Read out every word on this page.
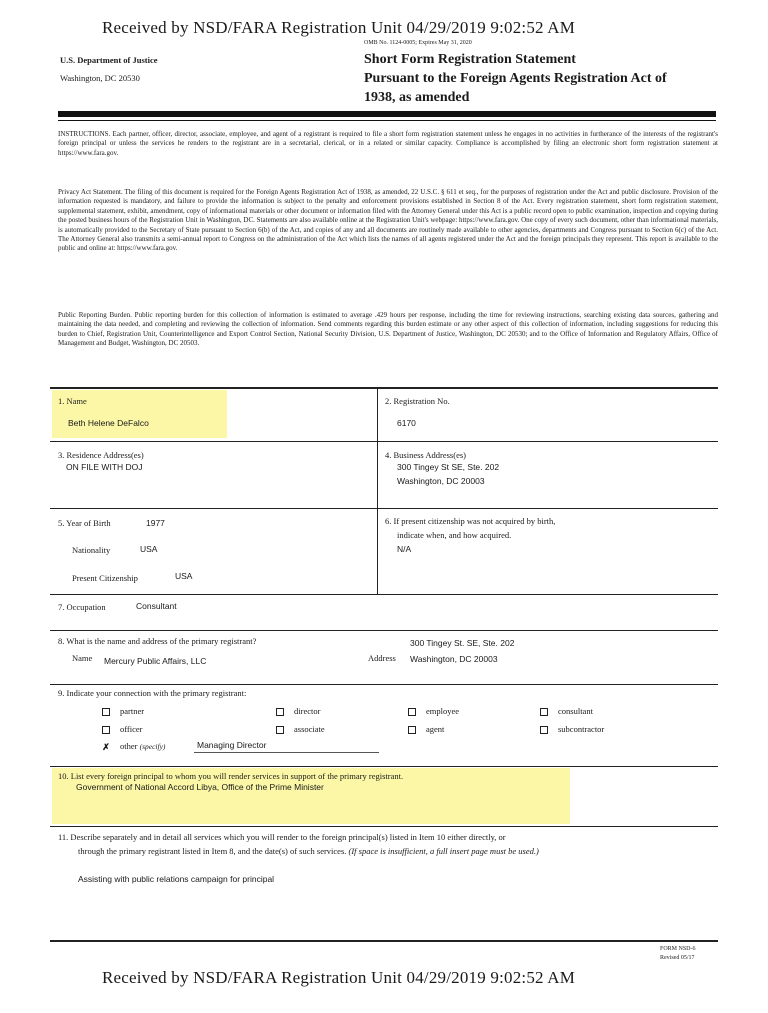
Received by NSD/FARA Registration Unit 04/29/2019 9:02:52 AM
U.S. Department of Justice
Washington, DC 20530
OMB No. 1124-0005; Expires May 31, 2020
Short Form Registration Statement
Pursuant to the Foreign Agents Registration Act of
1938, as amended
INSTRUCTIONS. Each partner, officer, director, associate, employee, and agent of a registrant is required to file a short form registration statement unless he engages in no activities in furtherance of the interests of the registrant's foreign principal or unless the services he renders to the registrant are in a secretarial, clerical, or in a related or similar capacity. Compliance is accomplished by filing an electronic short form registration statement at https://www.fara.gov.
Privacy Act Statement. The filing of this document is required for the Foreign Agents Registration Act of 1938, as amended, 22 U.S.C. § 611 et seq., for the purposes of registration under the Act and public disclosure. Provision of the information requested is mandatory, and failure to provide the information is subject to the penalty and enforcement provisions established in Section 8 of the Act. Every registration statement, short form registration statement, supplemental statement, exhibit, amendment, copy of informational materials or other document or information filed with the Attorney General under this Act is a public record open to public examination, inspection and copying during the posted business hours of the Registration Unit in Washington, DC. Statements are also available online at the Registration Unit's webpage: https://www.fara.gov. One copy of every such document, other than informational materials, is automatically provided to the Secretary of State pursuant to Section 6(b) of the Act, and copies of any and all documents are routinely made available to other agencies, departments and Congress pursuant to Section 6(c) of the Act. The Attorney General also transmits a semi-annual report to Congress on the administration of the Act which lists the names of all agents registered under the Act and the foreign principals they represent. This report is available to the public and online at: https://www.fara.gov.
Public Reporting Burden. Public reporting burden for this collection of information is estimated to average .429 hours per response, including the time for reviewing instructions, searching existing data sources, gathering and maintaining the data needed, and completing and reviewing the collection of information. Send comments regarding this burden estimate or any other aspect of this collection of information, including suggestions for reducing this burden to Chief, Registration Unit, Counterintelligence and Export Control Section, National Security Division, U.S. Department of Justice, Washington, DC 20530; and to the Office of Information and Regulatory Affairs, Office of Management and Budget, Washington, DC 20503.
1. Name
Beth Helene DeFalco
2. Registration No.
6170
3. Residence Address(es)
ON FILE WITH DOJ
4. Business Address(es)
300 Tingey St SE, Ste. 202
Washington, DC 20003
5. Year of Birth	1977
Nationality	USA
Present Citizenship	USA
6. If present citizenship was not acquired by birth,
indicate when, and how acquired.
N/A
7. Occupation	Consultant
8. What is the name and address of the primary registrant?
Name Mercury Public Affairs, LLC
300 Tingey St. SE, Ste. 202
Address Washington, DC 20003
9. Indicate your connection with the primary registrant:
partner	director	employee	consultant
officer	associate	agent	subcontractor
✗ other (specify)	Managing Director
10. List every foreign principal to whom you will render services in support of the primary registrant.
Government of National Accord Libya, Office of the Prime Minister
11. Describe separately and in detail all services which you will render to the foreign principal(s) listed in Item 10 either directly, or
through the primary registrant listed in Item 8, and the date(s) of such services. (If space is insufficient, a full insert page must be used.)
Assisting with public relations campaign for principal
FORM NSD-6
Revised 05/17
Received by NSD/FARA Registration Unit 04/29/2019 9:02:52 AM
